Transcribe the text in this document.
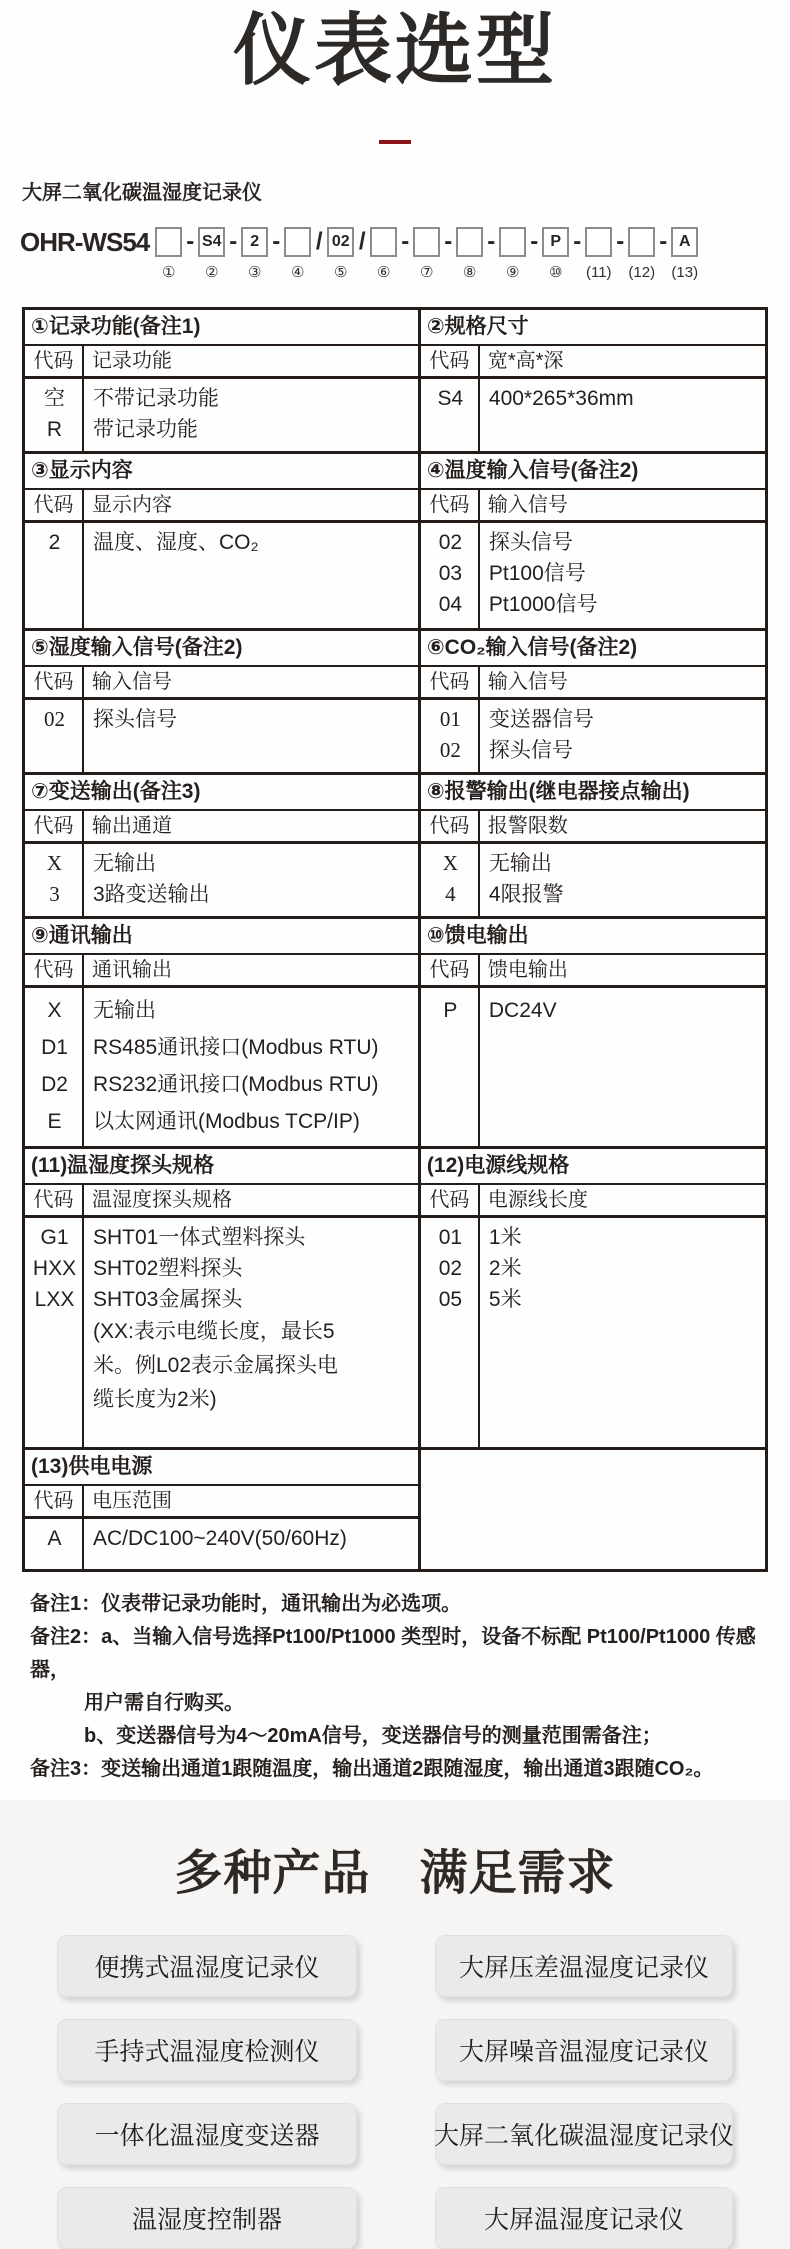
仪表选型
大屏二氧化碳温湿度记录仪
OHR-WS54
①
- S4
②
- 2
③
-
④
/ 02
⑤
/
⑥
-
⑦
-
⑧
-
⑨
- P
⑩
-
(11)
-
(12)
- A
(13)
①记录功能(备注1)
代码 记录功能
空	不带记录功能
R	带记录功能
②规格尺寸
代码 宽*高*深
S4	400*265*36mm
③显示内容
代码 显示内容
2	温度、湿度、CO₂
④温度输入信号(备注2)
代码 输入信号
02	探头信号
03	Pt100信号
04	Pt1000信号
⑤湿度输入信号(备注2)
代码 输入信号
02	探头信号
⑥CO₂输入信号(备注2)
代码 输入信号
01	变送器信号
02	探头信号
⑦变送输出(备注3)
代码 输出通道
X	无输出
3	3路变送输出
⑧报警输出(继电器接点输出)
代码 报警限数
X	无输出
4	4限报警
⑨通讯输出
代码 通讯输出
X	无输出
D1	RS485通讯接口(Modbus RTU)
D2	RS232通讯接口(Modbus RTU)
E	以太网通讯(Modbus TCP/IP)
⑩馈电输出
代码 馈电输出
P	DC24V
(11)温湿度探头规格
代码 温湿度探头规格
G1	SHT01一体式塑料探头
HXX SHT02塑料探头
LXX SHT03金属探头
(XX:表示电缆长度，最长5米。例L02表示金属探头电缆长度为2米)
(12)电源线规格
代码 电源线长度
01	1米
02	2米
05	5米
(13)供电电源
代码 电压范围
A	AC/DC100~240V(50/60Hz)
备注1：仪表带记录功能时，通讯输出为必选项。
备注2：a、当输入信号选择Pt100/Pt1000 类型时，设备不标配 Pt100/Pt1000 传感器，
用户需自行购买。
b、变送器信号为4～20mA信号，变送器信号的测量范围需备注；
备注3：变送输出通道1跟随温度，输出通道2跟随湿度，输出通道3跟随CO₂。
多种产品　满足需求
便携式温湿度记录仪	大屏压差温湿度记录仪
手持式温湿度检测仪	大屏噪音温湿度记录仪
一体化温湿度变送器	大屏二氧化碳温湿度记录仪
温湿度控制器	大屏温湿度记录仪
